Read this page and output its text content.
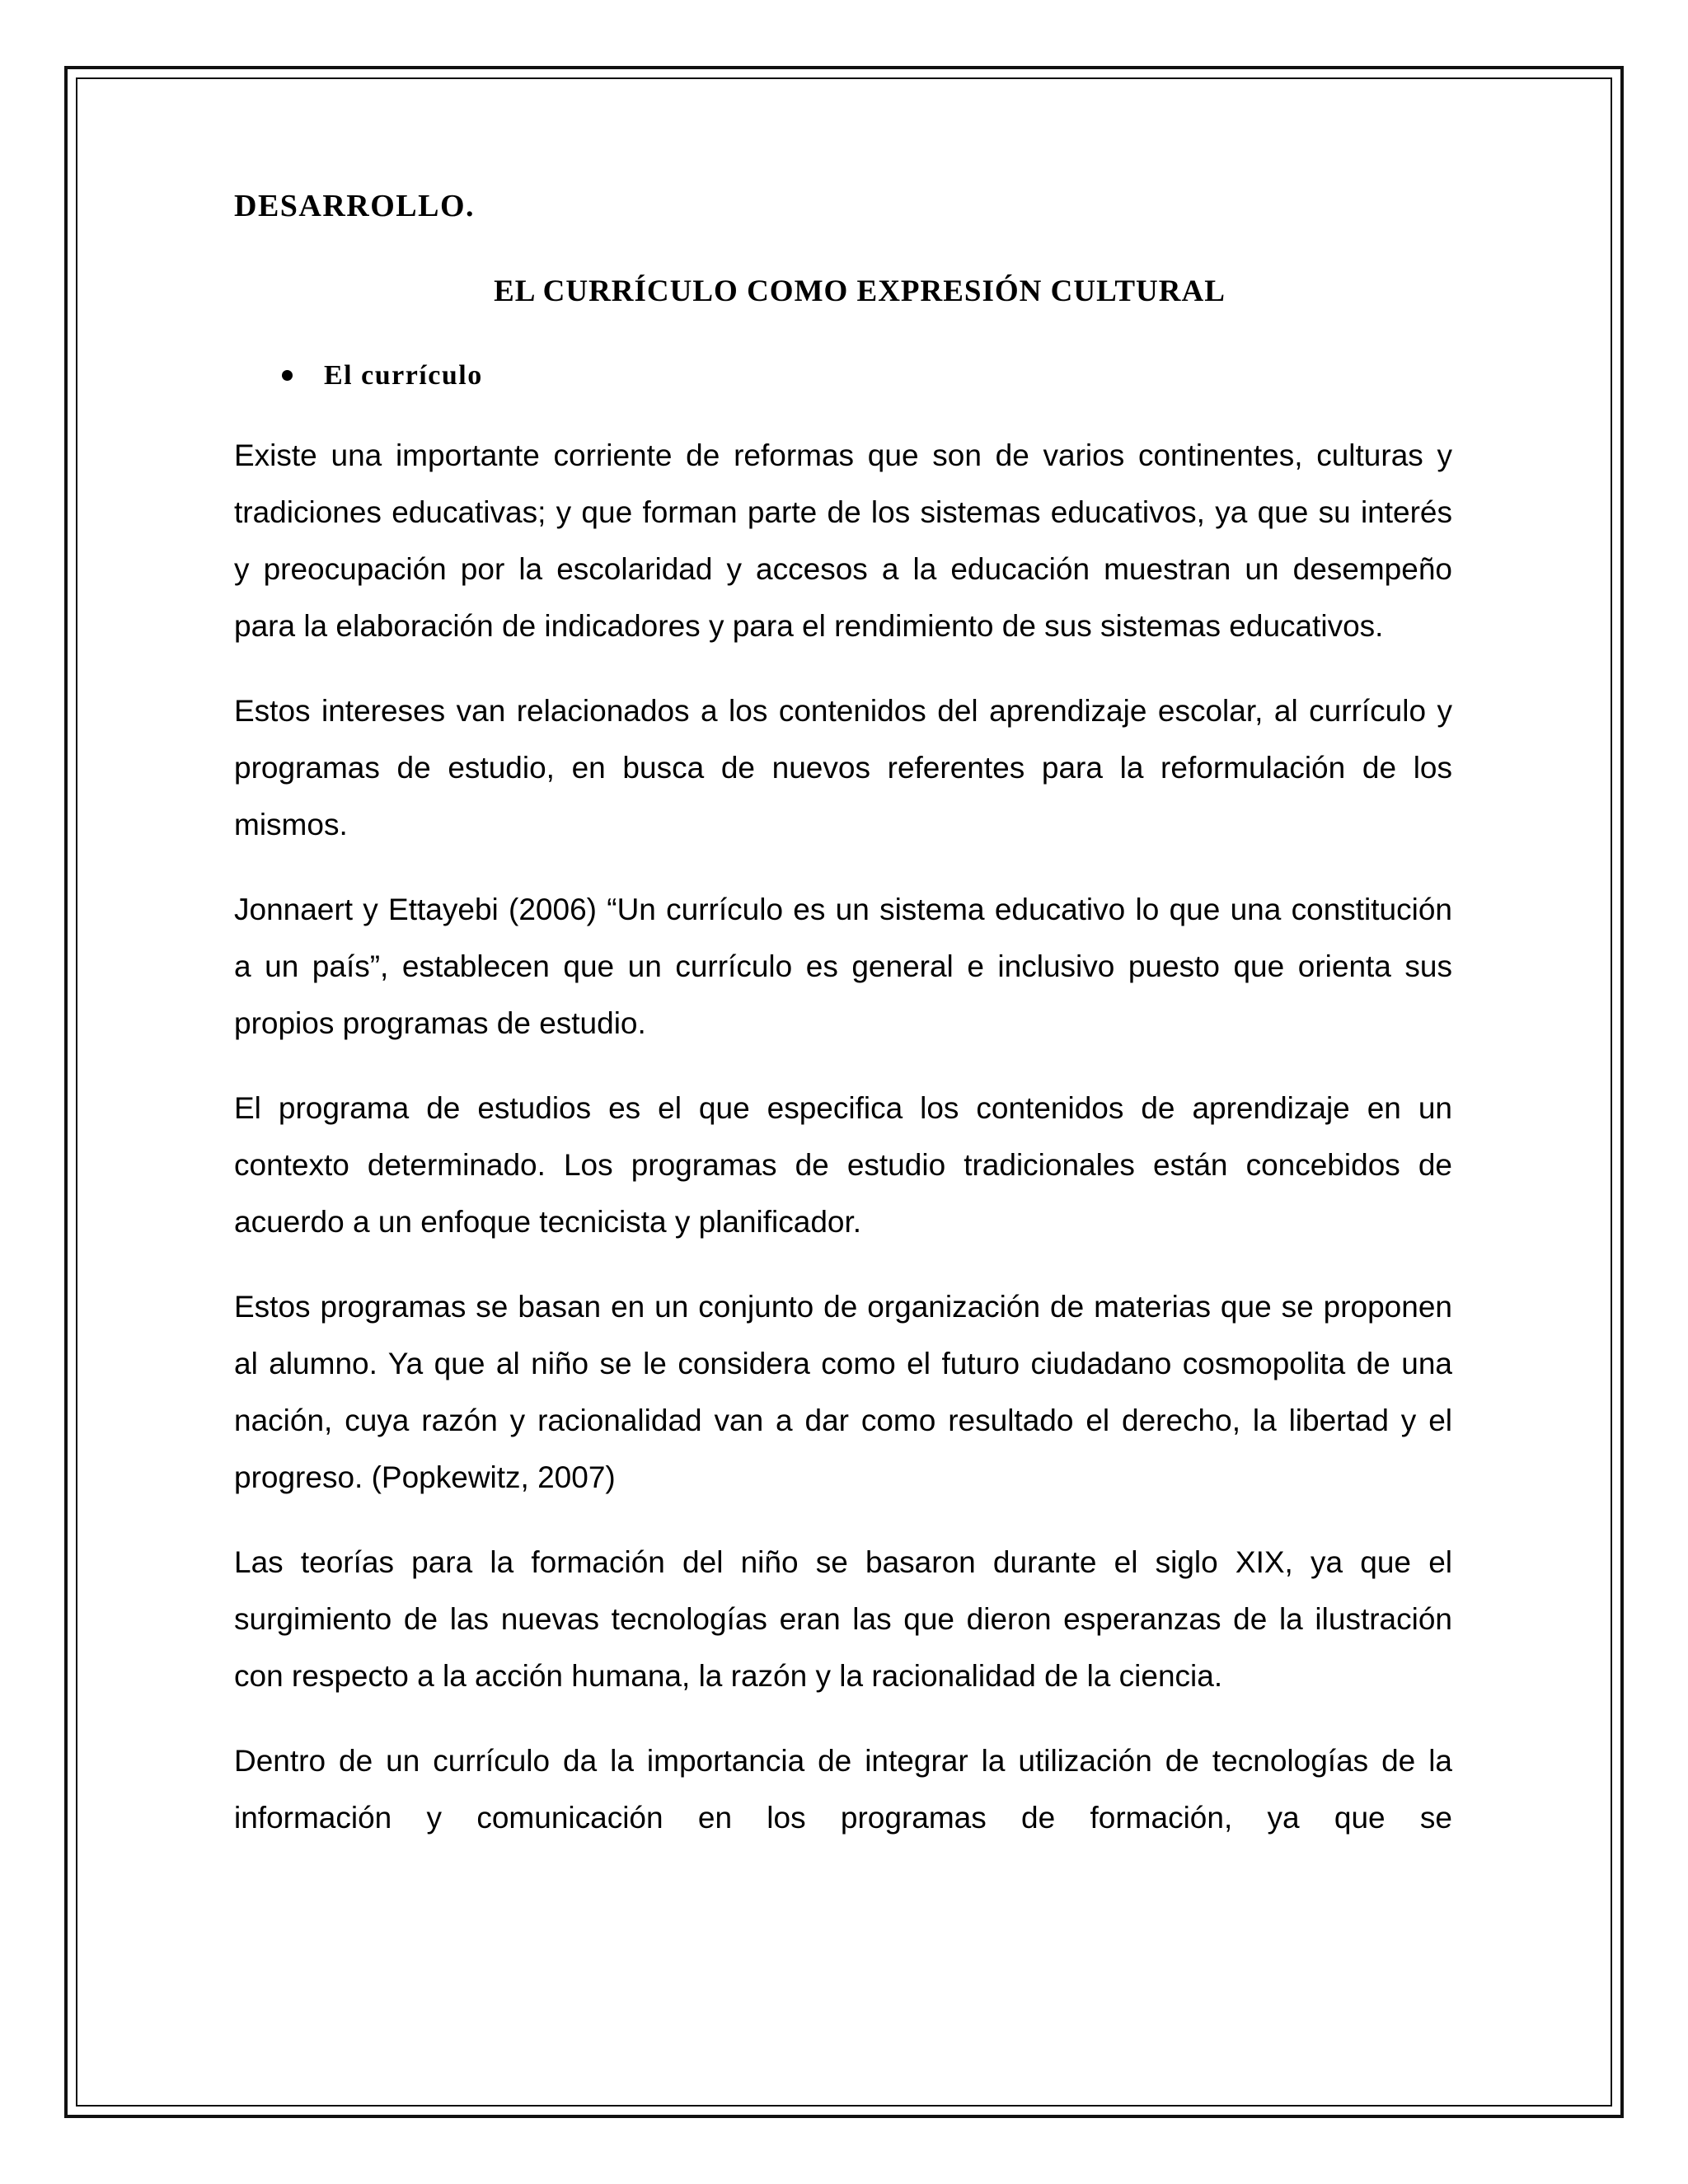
DESARROLLO.
EL CURRÍCULO COMO EXPRESIÓN CULTURAL
El currículo

Existe una importante corriente de reformas que son de varios continentes, culturas y tradiciones educativas; y que forman parte de los sistemas educativos, ya que su interés y preocupación por la escolaridad y accesos a la educación muestran un desempeño para la elaboración de indicadores y para el rendimiento de sus sistemas educativos.

Estos intereses van relacionados a los contenidos del aprendizaje escolar, al currículo y programas de estudio, en busca de nuevos referentes para la reformulación de los mismos.

Jonnaert y Ettayebi (2006) “Un currículo es un sistema educativo lo que una constitución a un país”, establecen que un currículo es general e inclusivo puesto que orienta sus propios programas de estudio.

El programa de estudios es el que especifica los contenidos de aprendizaje en un contexto determinado. Los programas de estudio tradicionales están concebidos de acuerdo a un enfoque tecnicista y planificador.

Estos programas se basan en un conjunto de organización de materias que se proponen al alumno. Ya que al niño se le considera como el futuro ciudadano cosmopolita de una nación, cuya razón y racionalidad van a dar como resultado el derecho, la libertad y el progreso. (Popkewitz, 2007)

Las teorías para la formación del niño se basaron durante el siglo XIX, ya que el surgimiento de las nuevas tecnologías eran las que dieron esperanzas de la ilustración con respecto a la acción humana, la razón y la racionalidad de la ciencia.

Dentro de un currículo da la importancia de integrar la utilización de tecnologías de la información y comunicación en los programas de formación, ya que se
